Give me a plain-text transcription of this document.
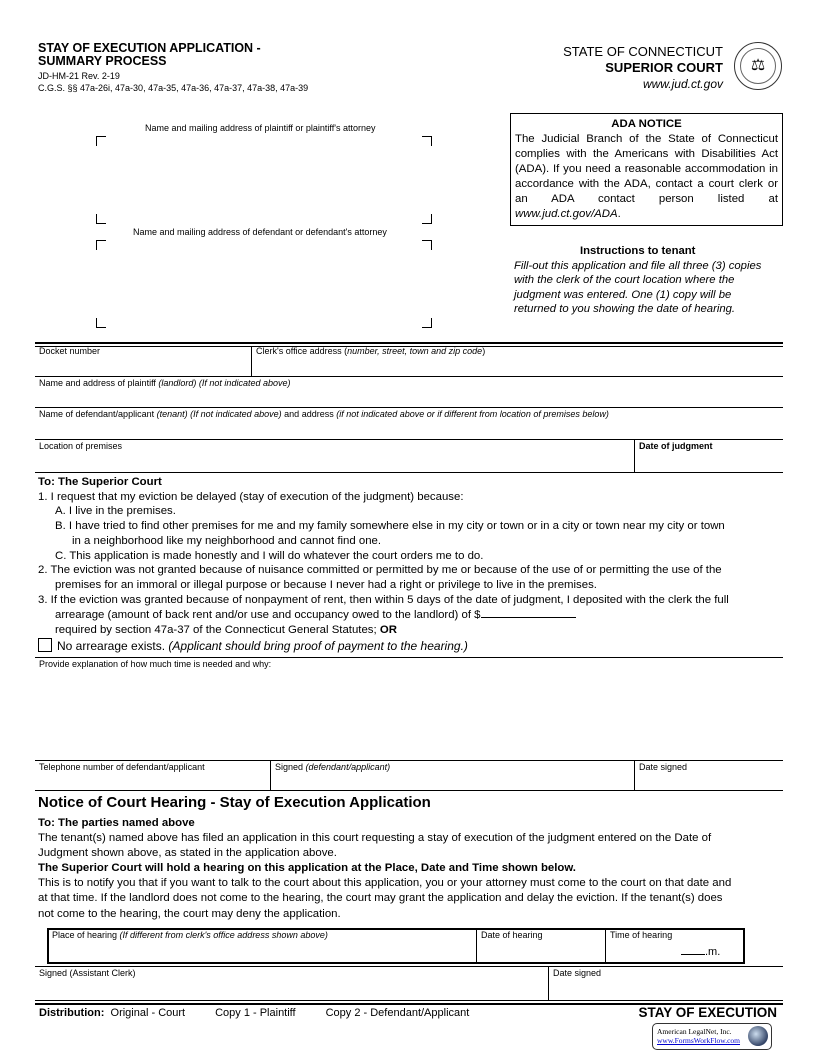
STAY OF EXECUTION APPLICATION -
SUMMARY PROCESS
JD-HM-21 Rev. 2-19
C.G.S. §§ 47a-26i, 47a-30, 47a-35, 47a-36, 47a-37, 47a-38, 47a-39
STATE OF CONNECTICUT
SUPERIOR COURT
www.jud.ct.gov
⚖
Name and mailing address of plaintiff or plaintiff's attorney
Name and mailing address of defendant or defendant's attorney
ADA NOTICE
The Judicial Branch of the State of Connecticut complies with the Americans with Disabilities Act (ADA). If you need a reasonable accommodation in accordance with the ADA, contact a court clerk or an ADA contact person listed at www.jud.ct.gov/ADA.
Instructions to tenant
Fill-out this application and file all three (3) copies
with the clerk of the court location where the
judgment was entered. One (1) copy will be
returned to you showing the date of hearing.
Docket number	Clerk's office address (number, street, town and zip code)
Name and address of plaintiff (landlord) (If not indicated above)
Name of defendant/applicant (tenant) (If not indicated above) and address (if not indicated above or if different from location of premises below)
Location of premises	Date of judgment

To: The Superior Court

1. I request that my eviction be delayed (stay of execution of the judgment) because:

A. I live in the premises.

B. I have tried to find other premises for me and my family somewhere else in my city or town or in a city or town near my city or town

in a neighborhood like my neighborhood and cannot find one.

C. This application is made honestly and I will do whatever the court orders me to do.

2. The eviction was not granted because of nuisance committed or permitted by me or because of the use of or permitting the use of the

premises for an immoral or illegal purpose or because I never had a right or privilege to live in the premises.

3. If the eviction was granted because of nonpayment of rent, then within 5 days of the date of judgment, I deposited with the clerk the full

arrearage (amount of back rent and/or use and occupancy owed to the landlord) of $

required by section 47a-37 of the Connecticut General Statutes; OR

No arrearage exists. (Applicant should bring proof of payment to the hearing.)

Provide explanation of how much time is needed and why:
Telephone number of defendant/applicant	Signed (defendant/applicant)	Date signed
Notice of Court Hearing - Stay of Execution Application

To: The parties named above

The tenant(s) named above has filed an application in this court requesting a stay of execution of the judgment entered on the Date of

Judgment shown above, as stated in the application above.

The Superior Court will hold a hearing on this application at the Place, Date and Time shown below.

This is to notify you that if you want to talk to the court about this application, you or your attorney must come to the court on that date and

at that time. If the landlord does not come to the hearing, the court may grant the application and delay the eviction. If the tenant(s) does

not come to the hearing, the court may deny the application.

Place of hearing (If different from clerk's office address shown above)	Date of hearing	Time of hearing
.m.
Signed (Assistant Clerk)	Date signed
Distribution: Original - Court	Copy 1 - Plaintiff	Copy 2 - Defendant/Applicant	STAY OF EXECUTION
American LegalNet, Inc.
www.FormsWorkFlow.com
